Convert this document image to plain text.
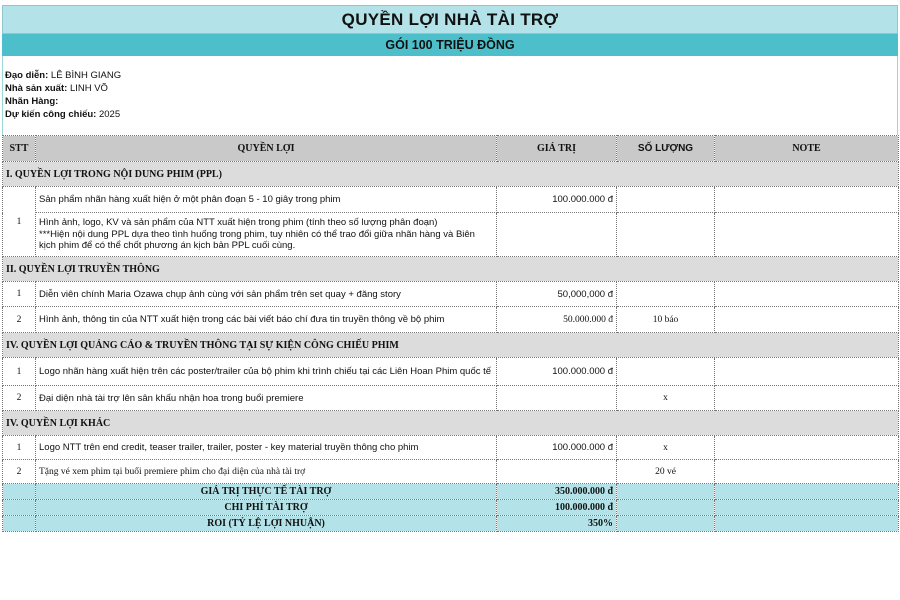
QUYỀN LỢI NHÀ TÀI TRỢ
GÓI 100 TRIỆU ĐỒNG
Đạo diễn: LÊ BÌNH GIANG
Nhà sản xuất: LINH VÕ
Nhãn Hàng:
Dự kiến công chiếu: 2025
STT	QUYỀN LỢI	GIÁ TRỊ	SỐ LƯỢNG	NOTE
I. QUYỀN LỢI TRONG NỘI DUNG PHIM (PPL)				
1	Sản phẩm nhãn hàng xuất hiện ở một phân đoạn 5 - 10 giây trong phim	100.000.000 đ		
	Hình ảnh, logo, KV và sản phẩm của NTT xuất hiện trong phim (tính theo số lượng phân đoạn)
***Hiện nội dung PPL dựa theo tình huống trong phim, tuy nhiên có thể trao đổi giữa nhãn hàng và Biên kịch phim để có thể chốt phương án kịch bản PPL cuối cùng.			
II. QUYỀN LỢI TRUYỀN THÔNG				
1	Diễn viên chính Maria Ozawa chụp ảnh cùng với sản phẩm trên set quay + đăng story	50,000,000 đ		
2	Hình ảnh, thông tin của NTT xuất hiện trong các bài viết báo chí đưa tin truyền thông về bộ phim	50.000.000 đ	10 báo	
IV. QUYỀN LỢI QUẢNG CÁO & TRUYỀN THÔNG TẠI SỰ KIỆN CÔNG CHIẾU PHIM				
1	Logo nhãn hàng xuất hiện trên các poster/trailer của bộ phim khi trình chiếu tại các Liên Hoan Phim quốc tế	100.000.000 đ		
2	Đại diện nhà tài trợ lên sân khấu nhận hoa trong buổi premiere		x	
IV. QUYỀN LỢI KHÁC				
1	Logo NTT trên end credit, teaser trailer, trailer, poster - key material truyền thông cho phim	100.000.000 đ	x	
2	Tặng vé xem phim tại buổi premiere phim cho đại diện của nhà tài trợ		20 vé	
	GIÁ TRỊ THỰC TẾ TÀI TRỢ	350.000.000 đ		
	CHI PHÍ TÀI TRỢ	100.000.000 đ		
	ROI (TỶ LỆ LỢI NHUẬN)	350%		
